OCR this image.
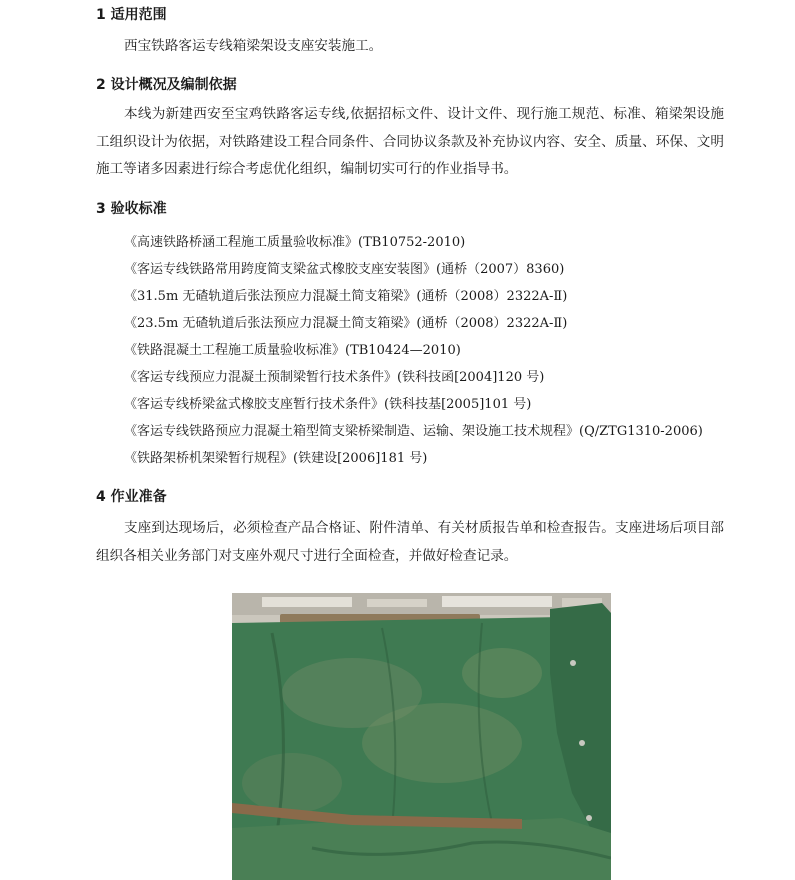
1 适用范围
西宝铁路客运专线箱梁架设支座安装施工。
2 设计概况及编制依据
本线为新建西安至宝鸡铁路客运专线,依据招标文件、设计文件、现行施工规范、标准、箱梁架设施工组织设计为依据，对铁路建设工程合同条件、合同协议条款及补充协议内容、安全、质量、环保、文明施工等诸多因素进行综合考虑优化组织，编制切实可行的作业指导书。
3 验收标准
《高速铁路桥涵工程施工质量验收标准》(TB10752-2010)
《客运专线铁路常用跨度简支梁盆式橡胶支座安装图》(通桥（2007）8360)
《31.5m 无碴轨道后张法预应力混凝土简支箱梁》(通桥（2008）2322A-Ⅱ)
《23.5m 无碴轨道后张法预应力混凝土简支箱梁》(通桥（2008）2322A-Ⅱ)
《铁路混凝土工程施工质量验收标准》(TB10424—2010)
《客运专线预应力混凝土预制梁暂行技术条件》(铁科技函[2004]120 号)
《客运专线桥梁盆式橡胶支座暂行技术条件》(铁科技基[2005]101 号)
《客运专线铁路预应力混凝土箱型简支梁桥梁制造、运输、架设施工技术规程》(Q/ZTG1310-2006)
《铁路架桥机架梁暂行规程》(铁建设[2006]181 号)
4 作业准备
支座到达现场后，必须检查产品合格证、附件清单、有关材质报告单和检查报告。支座进场后项目部组织各相关业务部门对支座外观尺寸进行全面检查，并做好检查记录。
